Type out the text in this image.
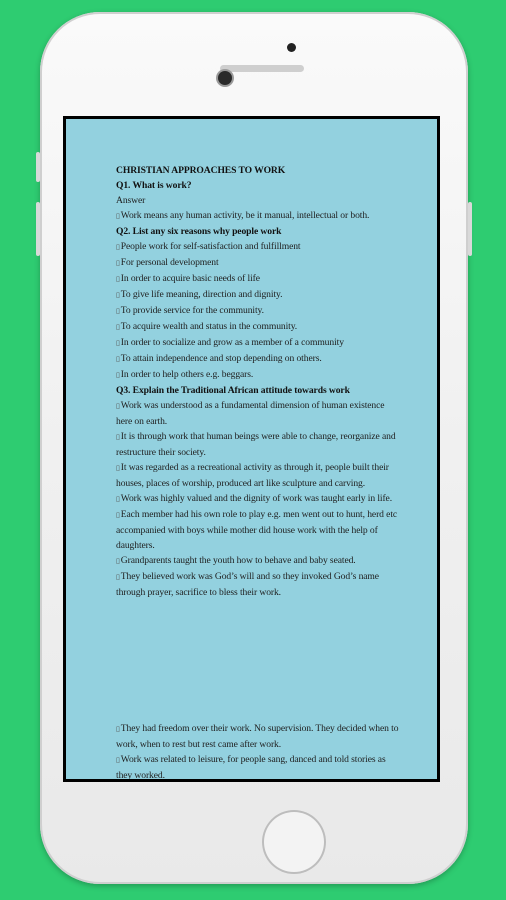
CHRISTIAN APPROACHES TO WORK

Q1. What is work?

Answer

▯ Work means any human activity, be it manual, intellectual or both.

Q2. List any six reasons why people work

▯ People work for self-satisfaction and fulfillment

▯ For personal development

▯ In order to acquire basic needs of life

▯ To give life meaning, direction and dignity.

▯ To provide service for the community.

▯ To acquire wealth and status in the community.

▯ In order to socialize and grow as a member of a community

▯ To attain independence and stop depending on others.

▯ In order to help others e.g. beggars.

Q3. Explain the Traditional African attitude towards work

▯ Work was understood as a fundamental dimension of human existence here on earth.

▯ It is through work that human beings were able to change, reorganize and restructure their society.

▯ It was regarded as a recreational activity as through it, people built their houses, places of worship, produced art like sculpture and carving.

▯ Work was highly valued and the dignity of work was taught early in life.

▯ Each member had his own role to play e.g. men went out to hunt, herd etc accompanied with boys while mother did house work with the help of daughters.

▯ Grandparents taught the youth how to behave and baby seated.

▯ They believed work was God’s will and so they invoked God’s name through prayer, sacrifice to bless their work.

▯ They had freedom over their work. No supervision. They decided when to work, when to rest but rest came after work.

▯ Work was related to leisure, for people sang, danced and told stories as they worked.
